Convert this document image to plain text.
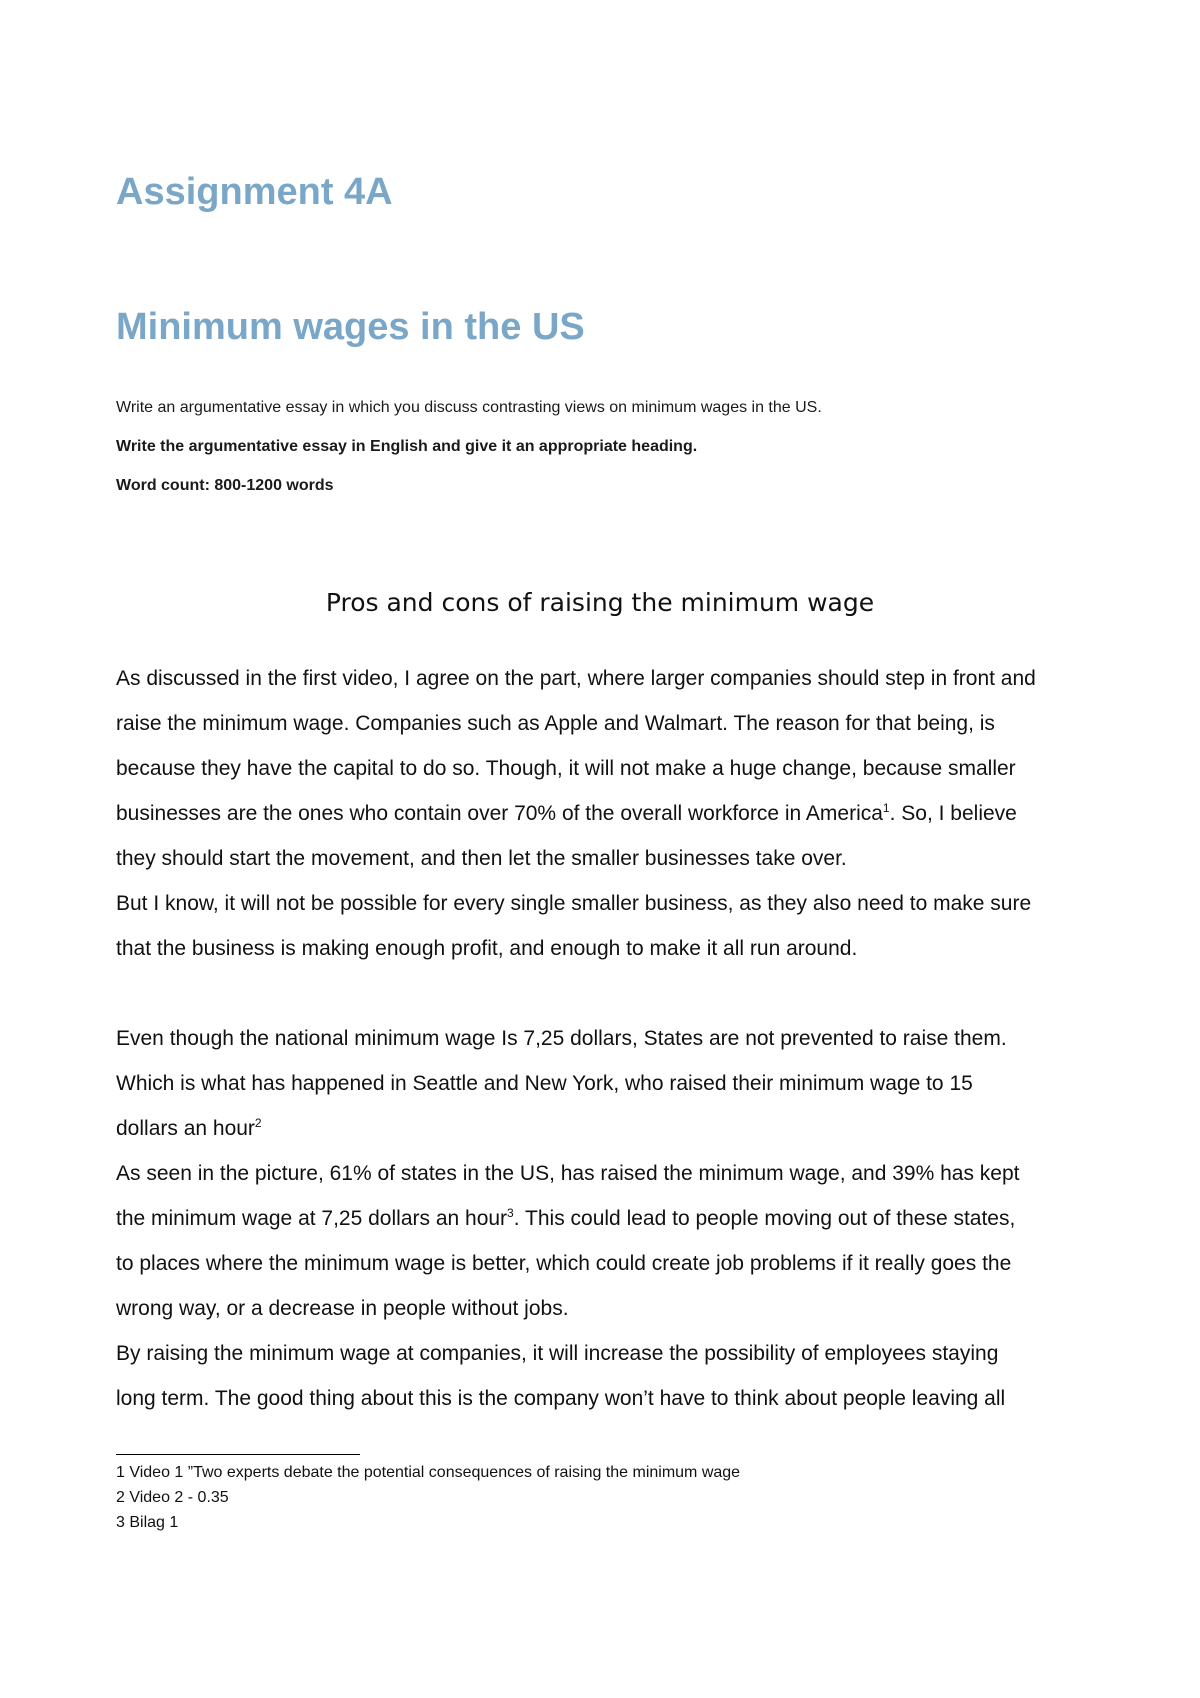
Assignment 4A
Minimum wages in the US
Write an argumentative essay in which you discuss contrasting views on minimum wages in the US.
Write the argumentative essay in English and give it an appropriate heading.
Word count: 800-1200 words
Pros and cons of raising the minimum wage
As discussed in the first video, I agree on the part, where larger companies should step in front and
raise the minimum wage. Companies such as Apple and Walmart. The reason for that being, is
because they have the capital to do so. Though, it will not make a huge change, because smaller
businesses are the ones who contain over 70% of the overall workforce in America$^1$. So, I believe
they should start the movement, and then let the smaller businesses take over.
But I know, it will not be possible for every single smaller business, as they also need to make sure
that the business is making enough profit, and enough to make it all run around.
Even though the national minimum wage Is 7,25 dollars, States are not prevented to raise them.
Which is what has happened in Seattle and New York, who raised their minimum wage to 15
dollars an hour$^2$
As seen in the picture, 61% of states in the US, has raised the minimum wage, and 39% has kept
the minimum wage at 7,25 dollars an hour$^3$. This could lead to people moving out of these states,
to places where the minimum wage is better, which could create job problems if it really goes the
wrong way, or a decrease in people without jobs.
By raising the minimum wage at companies, it will increase the possibility of employees staying
long term. The good thing about this is the company won’t have to think about people leaving all
1 Video 1 ”Two experts debate the potential consequences of raising the minimum wage
2 Video 2 - 0.35
3 Bilag 1
